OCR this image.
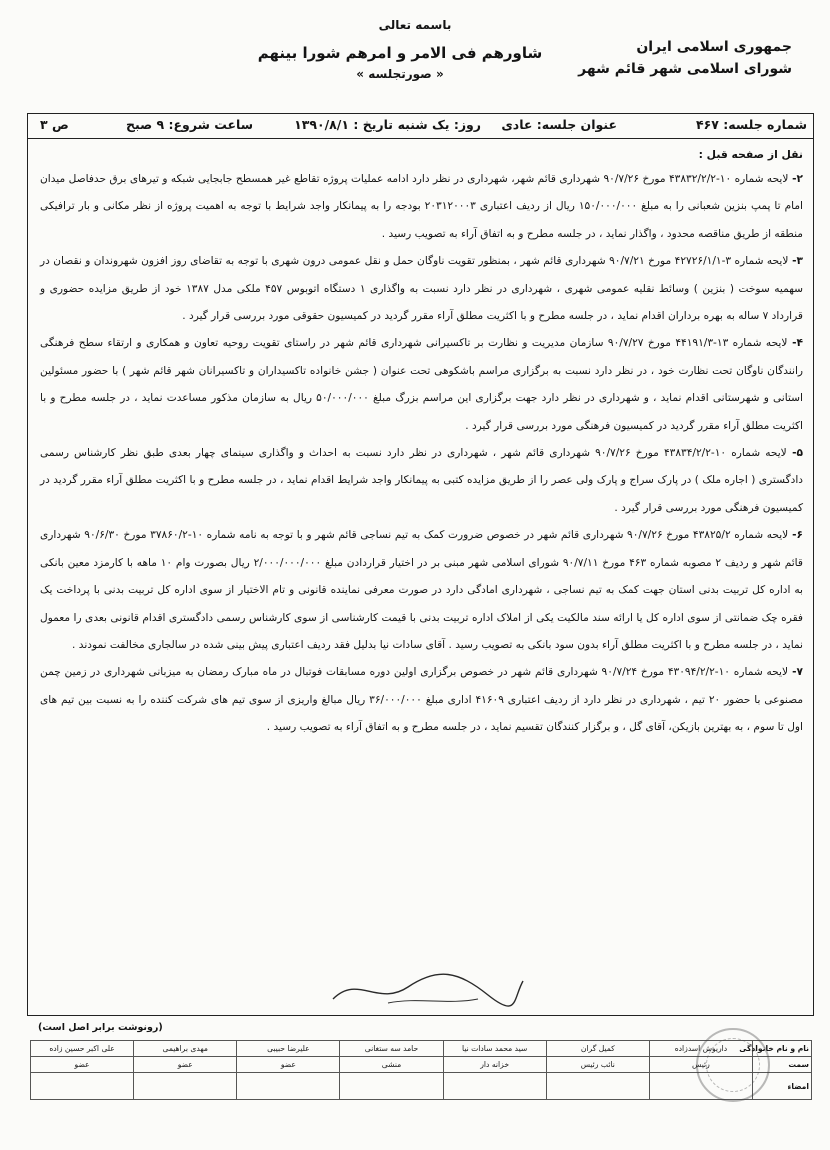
باسمه تعالی
جمهوری اسلامی ایران
شورای اسلامی شهر قائم شهر
شاورهم فی الامر و امرهم شورا بینهم
« صورتجلسه »
شماره جلسه: ۴۶۷
عنوان جلسه: عادی
روز: یک شنبه
تاریخ : ۱۳۹۰/۸/۱
ساعت شروع: ۹ صبح
ص ۳

نقل از صفحه قبل :

۲- لایحه شماره ۱۰-۴۳۸۳۲/۲/۲ مورخ ۹۰/۷/۲۶ شهرداری قائم شهر، شهرداری در نظر دارد ادامه عملیات پروژه تقاطع غیر همسطح جابجایی شبکه و تیرهای برق حدفاصل میدان امام تا پمپ بنزین شعبانی را به مبلغ ۱۵۰/۰۰۰/۰۰۰ ریال از ردیف اعتباری ۲۰۳۱۲۰۰۰۳ بودجه را به پیمانکار واجد شرایط با توجه به اهمیت پروژه از نظر مکانی و بار ترافیکی منطقه از طریق مناقصه محدود ، واگذار نماید ، در جلسه مطرح و به اتفاق آراء به تصویب رسید .

۳- لایحه شماره ۳-۴۲۷۲۶/۱/۱ مورخ ۹۰/۷/۲۱ شهرداری قائم شهر ، بمنظور تقویت ناوگان حمل و نقل عمومی درون شهری با توجه به تقاضای روز افزون شهروندان و نقصان در سهمیه سوخت ( بنزین ) وسائط نقلیه عمومی شهری ، شهرداری در نظر دارد نسبت به واگذاری ۱ دستگاه اتوبوس ۴۵۷ ملکی مدل ۱۳۸۷ خود از طریق مزایده حضوری و قرارداد ۷ ساله به بهره برداران اقدام نماید ، در جلسه مطرح و با اکثریت مطلق آراء مقرر گردید در کمیسیون حقوقی مورد بررسی قرار گیرد .

۴- لایحه شماره ۱۳-۴۴۱۹۱/۳ مورخ ۹۰/۷/۲۷ سازمان مدیریت و نظارت بر تاکسیرانی شهرداری قائم شهر در راستای تقویت روحیه تعاون و همکاری و ارتقاء سطح فرهنگی رانندگان ناوگان تحت نظارت خود ، در نظر دارد نسبت به برگزاری مراسم باشکوهی تحت عنوان ( جشن خانواده تاکسیداران و تاکسیرانان شهر قائم شهر ) با حضور مسئولین استانی و شهرستانی اقدام نماید ، و شهرداری در نظر دارد جهت برگزاری این مراسم بزرگ مبلغ ۵۰/۰۰۰/۰۰۰ ریال به سازمان مذکور مساعدت نماید ، در جلسه مطرح و با اکثریت مطلق آراء مقرر گردید در کمیسیون فرهنگی مورد بررسی قرار گیرد .

۵- لایحه شماره ۱۰-۴۳۸۳۴/۲/۲ مورخ ۹۰/۷/۲۶ شهرداری قائم شهر ، شهرداری در نظر دارد نسبت به احداث و واگذاری سینمای چهار بعدی طبق نظر کارشناس رسمی دادگستری ( اجاره ملک ) در پارک سراج و پارک ولی عصر را از طریق مزایده کتبی به پیمانکار واجد شرایط اقدام نماید ، در جلسه مطرح و با اکثریت مطلق آراء مقرر گردید در کمیسیون فرهنگی مورد بررسی قرار گیرد .

۶- لایحه شماره ۴۳۸۲۵/۲ مورخ ۹۰/۷/۲۶ شهرداری قائم شهر در خصوص ضرورت کمک به تیم نساجی قائم شهر و با توجه به نامه شماره ۱۰-۳۷۸۶۰/۲ مورخ ۹۰/۶/۳۰ شهرداری قائم شهر و ردیف ۲ مصوبه شماره ۴۶۳ مورخ ۹۰/۷/۱۱ شورای اسلامی شهر مبنی بر در اختیار قراردادن مبلغ ۲/۰۰۰/۰۰۰/۰۰۰ ریال بصورت وام ۱۰ ماهه با کارمزد معین بانکی به اداره کل تربیت بدنی استان جهت کمک به تیم نساجی ، شهرداری امادگی دارد در صورت معرفی نماینده قانونی و تام الاختیار از سوی اداره کل تربیت بدنی با پرداخت یک فقره چک ضمانتی از سوی اداره کل یا ارائه سند مالکیت یکی از املاک اداره تربیت بدنی با قیمت کارشناسی از سوی کارشناس رسمی دادگستری اقدام قانونی بعدی را معمول نماید ، در جلسه مطرح و با اکثریت مطلق آراء بدون سود بانکی به تصویب رسید . آقای سادات نیا بدلیل فقد ردیف اعتباری پیش بینی شده در سالجاری مخالفت نمودند .

۷- لایحه شماره ۱۰-۴۳۰۹۴/۲/۲ مورخ ۹۰/۷/۲۴ شهرداری قائم شهر در خصوص برگزاری اولین دوره مسابقات فوتبال در ماه مبارک رمضان به میزبانی شهرداری در زمین چمن مصنوعی با حضور ۲۰ تیم ، شهرداری در نظر دارد از ردیف اعتباری ۴۱۶۰۹ اداری مبلغ ۳۶/۰۰۰/۰۰۰ ریال مبالغ واریزی از سوی تیم های شرکت کننده را به نسبت بین تیم های اول تا سوم ، به بهترین بازیکن، آقای گل ، و برگزار کنندگان تقسیم نماید ، در جلسه مطرح و به اتفاق آراء به تصویب رسید .

(رونوشت برابر اصل است)
نام و نام خانوادگی	داریوش اسدزاده	کمیل گران	سید محمد سادات نیا	حامد سه ستغانی	علیرضا حبیبی	مهدی براهیمی	علی اکبر حسین زاده
سمت	رئیس	نائب رئیس	خزانه دار	منشی	عضو	عضو	عضو
امضاء							
